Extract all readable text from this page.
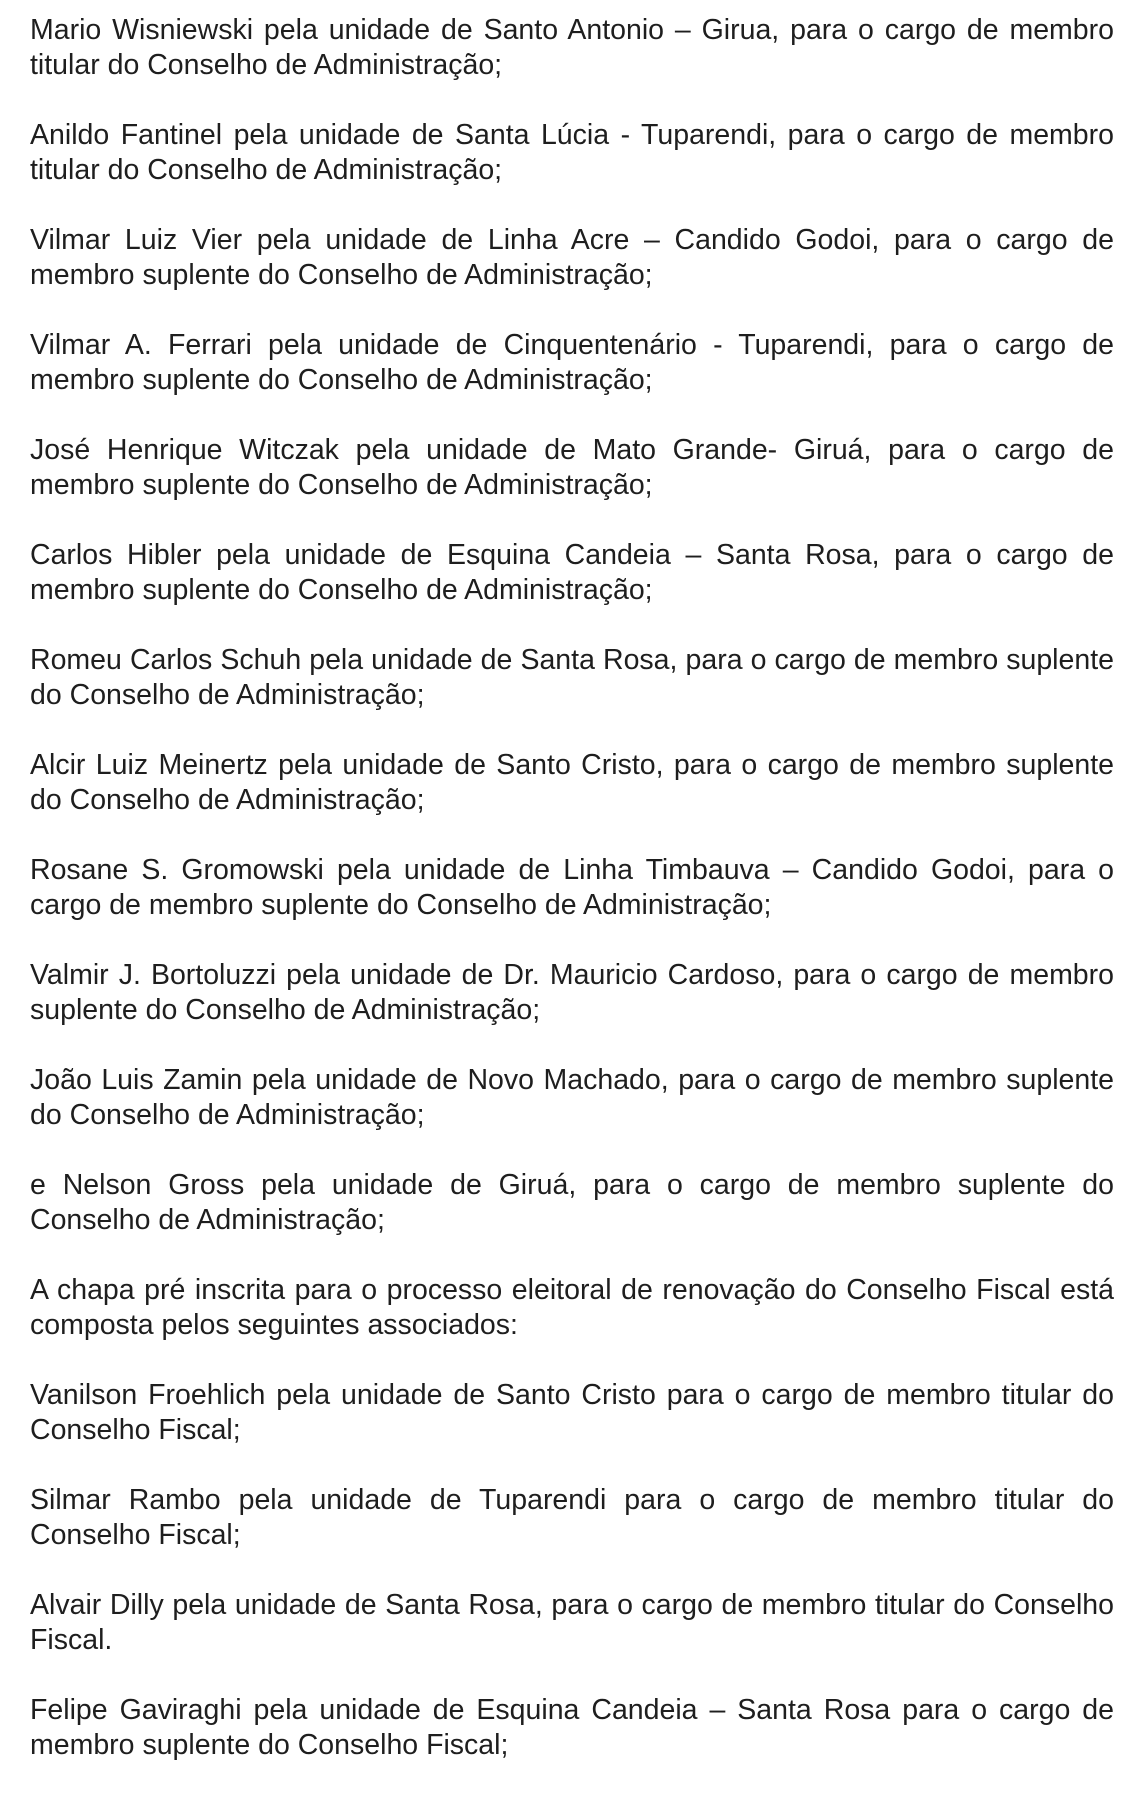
Mario Wisniewski pela unidade de Santo Antonio – Girua, para o cargo de membro titular do Conselho de Administração;

Anildo Fantinel pela unidade de Santa Lúcia - Tuparendi, para o cargo de membro titular do Conselho de Administração;

Vilmar Luiz Vier pela unidade de Linha Acre – Candido Godoi, para o cargo de membro suplente do Conselho de Administração;

Vilmar A. Ferrari pela unidade de Cinquentenário - Tuparendi, para o cargo de membro suplente do Conselho de Administração;

José Henrique Witczak pela unidade de Mato Grande- Giruá, para o cargo de membro suplente do Conselho de Administração;

Carlos Hibler pela unidade de Esquina Candeia – Santa Rosa, para o cargo de membro suplente do Conselho de Administração;

Romeu Carlos Schuh pela unidade de Santa Rosa, para o cargo de membro suplente do Conselho de Administração;

Alcir Luiz Meinertz pela unidade de Santo Cristo, para o cargo de membro suplente do Conselho de Administração;

Rosane S. Gromowski pela unidade de Linha Timbauva – Candido Godoi, para o cargo de membro suplente do Conselho de Administração;

Valmir J. Bortoluzzi pela unidade de Dr. Mauricio Cardoso, para o cargo de membro suplente do Conselho de Administração;

João Luis Zamin pela unidade de Novo Machado, para o cargo de membro suplente do Conselho de Administração;

e Nelson Gross pela unidade de Giruá, para o cargo de membro suplente do Conselho de Administração;

A chapa pré inscrita para o processo eleitoral de renovação do Conselho Fiscal está composta pelos seguintes associados:

Vanilson Froehlich pela unidade de Santo Cristo para o cargo de membro titular do Conselho Fiscal;

Silmar Rambo pela unidade de Tuparendi para o cargo de membro titular do Conselho Fiscal;

Alvair Dilly pela unidade de Santa Rosa, para o cargo de membro titular do Conselho Fiscal.

Felipe Gaviraghi pela unidade de Esquina Candeia – Santa Rosa para o cargo de membro suplente do Conselho Fiscal;
